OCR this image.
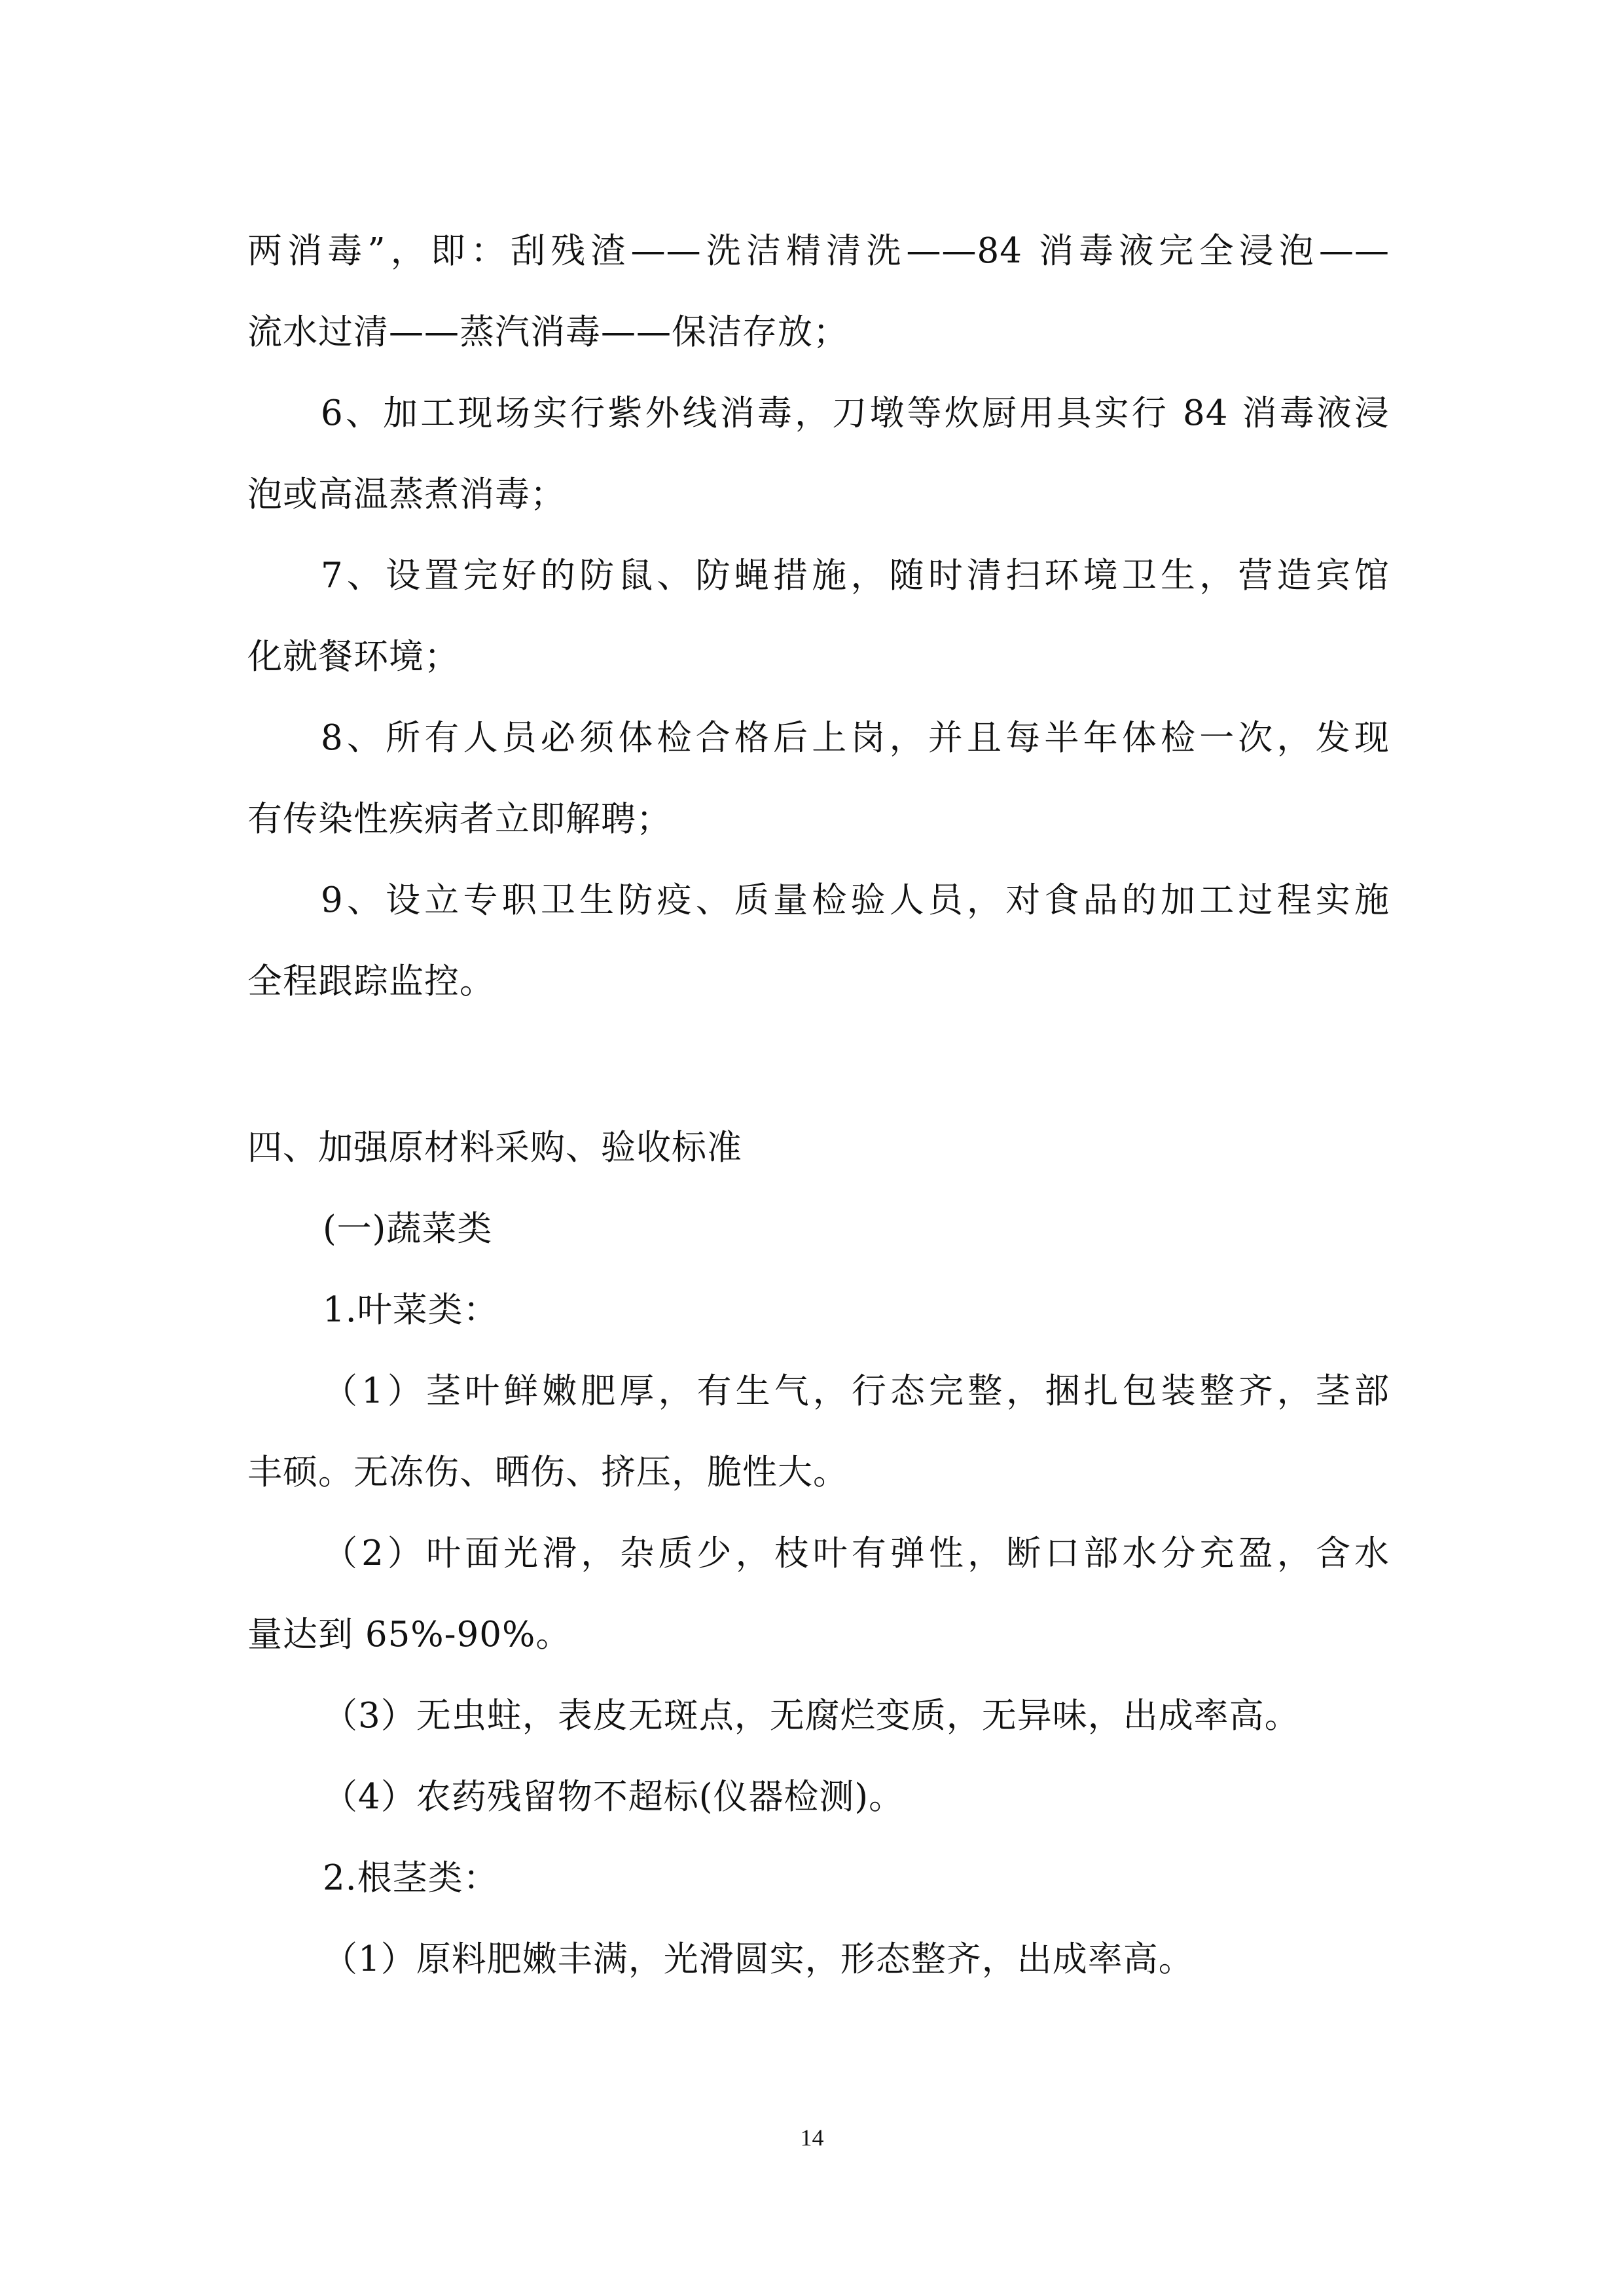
两消毒”，即：刮残渣——洗洁精清洗——84 消毒液完全浸泡——
流水过清——蒸汽消毒——保洁存放；
6、加工现场实行紫外线消毒，刀墩等炊厨用具实行 84 消毒液浸
泡或高温蒸煮消毒；
7、设置完好的防鼠、防蝇措施，随时清扫环境卫生，营造宾馆
化就餐环境；
8、所有人员必须体检合格后上岗，并且每半年体检一次，发现
有传染性疾病者立即解聘；
9、设立专职卫生防疫、质量检验人员，对食品的加工过程实施
全程跟踪监控。
四、加强原材料采购、验收标准
(一)蔬菜类
1.叶菜类：
（1）茎叶鲜嫩肥厚，有生气，行态完整，捆扎包装整齐，茎部
丰硕。无冻伤、晒伤、挤压，脆性大。
（2）叶面光滑，杂质少，枝叶有弹性，断口部水分充盈，含水
量达到 65%-90%。
（3）无虫蛀，表皮无斑点，无腐烂变质，无异味，出成率高。
（4）农药残留物不超标(仪器检测)。
2.根茎类：
（1）原料肥嫩丰满，光滑圆实，形态整齐，出成率高。
14
